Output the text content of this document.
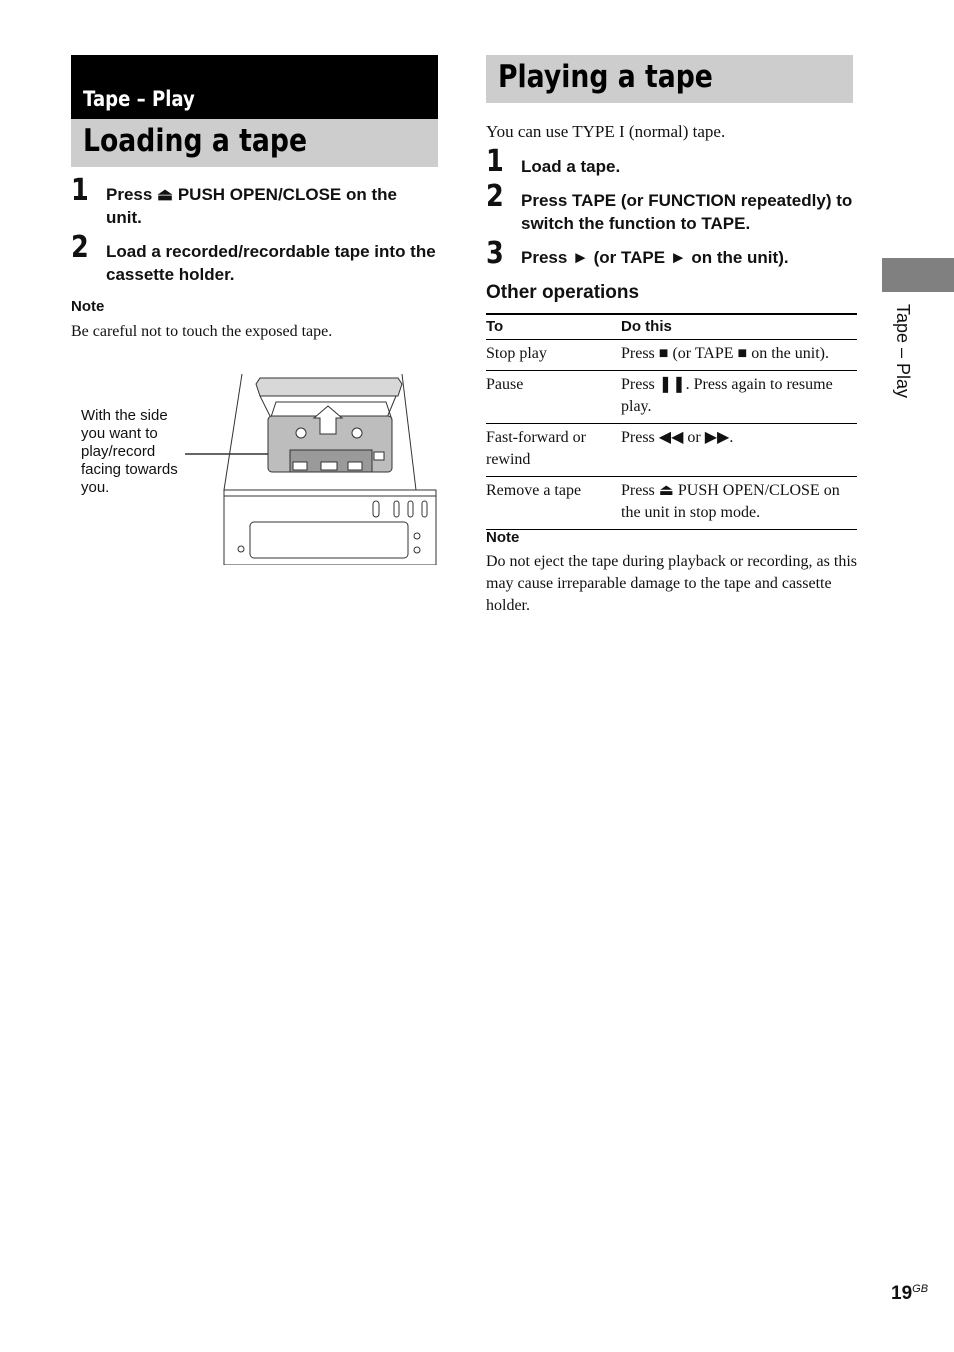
Tape – Play
Loading a tape
1 Press ⏏ PUSH OPEN/CLOSE on the unit.
2 Load a recorded/recordable tape into the cassette holder.
Note
Be careful not to touch the exposed tape.
With the side you want to play/record facing towards you.
Playing a tape
You can use TYPE I (normal) tape.
1 Load a tape.
2 Press TAPE (or FUNCTION repeatedly) to switch the function to TAPE.
3 Press ► (or TAPE ► on the unit).
Other operations
To	Do this
Stop play	Press ■ (or TAPE ■ on the unit).
Pause	Press ❚❚. Press again to resume play.
Fast-forward or rewind	Press ◀◀ or ▶▶.
Remove a tape	Press ⏏ PUSH OPEN/CLOSE on the unit in stop mode.
Note
Do not eject the tape during playback or recording, as this may cause irreparable damage to the tape and cassette holder.
Tape – Play
$19^{GB}$
